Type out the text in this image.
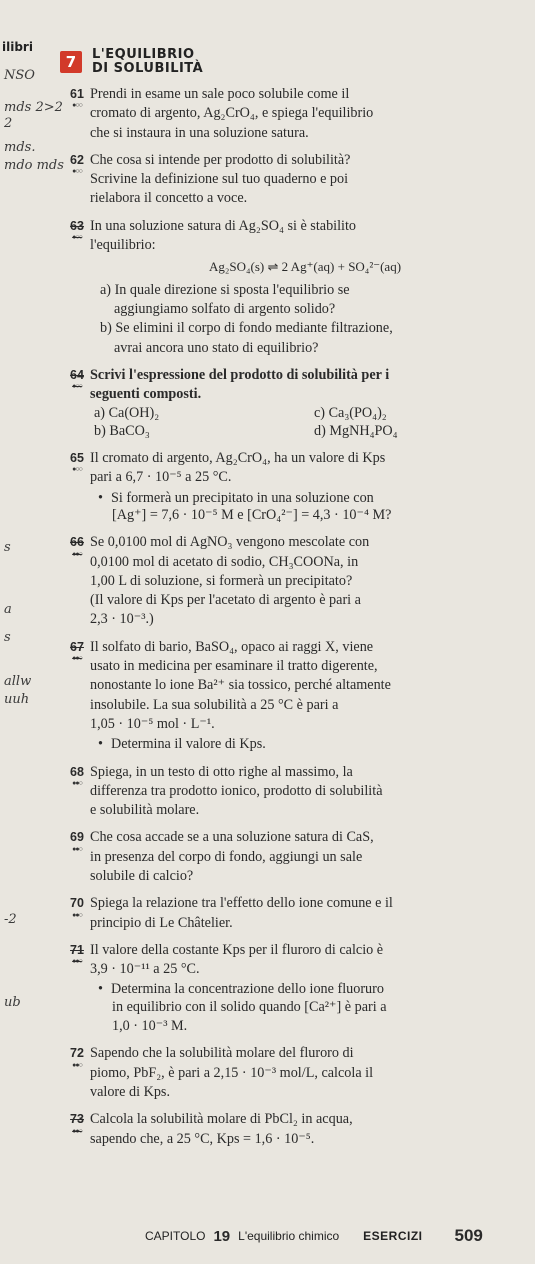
ilibri
NSO
mds 2>2
2
mds.
mdo mds
s
a
s
allw
uuh
ub
-2
7	L'EQUILIBRIO
DI SOLUBILITÀ
61
●○○

Prendi in esame un sale poco solubile come il

cromato di argento, Ag₂CrO₄, e spiega l'equilibrio

che si instaura in una soluzione satura.

62
●○○

Che cosa si intende per prodotto di solubilità?

Scrivine la definizione sul tuo quaderno e poi

rielabora il concetto a voce.

63
●○○

In una soluzione satura di Ag₂SO₄ si è stabilito

l'equilibrio:

Ag₂SO₄(s) ⇌ 2 Ag⁺(aq) + SO₄²⁻(aq)

a) In quale direzione si sposta l'equilibrio se

aggiungiamo solfato di argento solido?

b) Se elimini il corpo di fondo mediante filtrazione,

avrai ancora uno stato di equilibrio?

64
●○○

Scrivi l'espressione del prodotto di solubilità per i

seguenti composti.

a) Ca(OH)₂	c) Ca₃(PO₄)₂
b) BaCO₃	d) MgNH₄PO₄
65
●○○

Il cromato di argento, Ag₂CrO₄, ha un valore di Kps

pari a 6,7 · 10⁻⁵ a 25 °C.

• Si formerà un precipitato in una soluzione con

[Ag⁺] = 7,6 · 10⁻⁵ M e [CrO₄²⁻] = 4,3 · 10⁻⁴ M?

66
●●○

Se 0,0100 mol di AgNO₃ vengono mescolate con

0,0100 mol di acetato di sodio, CH₃COONa, in

1,00 L di soluzione, si formerà un precipitato?

(Il valore di Kps per l'acetato di argento è pari a

2,3 · 10⁻³.)

67
●●○

Il solfato di bario, BaSO₄, opaco ai raggi X, viene

usato in medicina per esaminare il tratto digerente,

nonostante lo ione Ba²⁺ sia tossico, perché altamente

insolubile. La sua solubilità a 25 °C è pari a

1,05 · 10⁻⁵ mol · L⁻¹.

• Determina il valore di Kps.
68
●●○

Spiega, in un testo di otto righe al massimo, la

differenza tra prodotto ionico, prodotto di solubilità

e solubilità molare.

69
●●○

Che cosa accade se a una soluzione satura di CaS,

in presenza del corpo di fondo, aggiungi un sale

solubile di calcio?

70
●●○

Spiega la relazione tra l'effetto dello ione comune e il

principio di Le Châtelier.

71
●●○

Il valore della costante Kps per il fluroro di calcio è

3,9 · 10⁻¹¹ a 25 °C.

• Determina la concentrazione dello ione fluoruro

in equilibrio con il solido quando [Ca²⁺] è pari a

1,0 · 10⁻³ M.

72
●●○

Sapendo che la solubilità molare del fluroro di

piomo, PbF₂, è pari a 2,15 · 10⁻³ mol/L, calcola il

valore di Kps.

73
●●○

Calcola la solubilità molare di PbCl₂ in acqua,

sapendo che, a 25 °C, Kps = 1,6 · 10⁻⁵.

CAPITOLO 19 L'equilibrio chimico ESERCIZI 509
